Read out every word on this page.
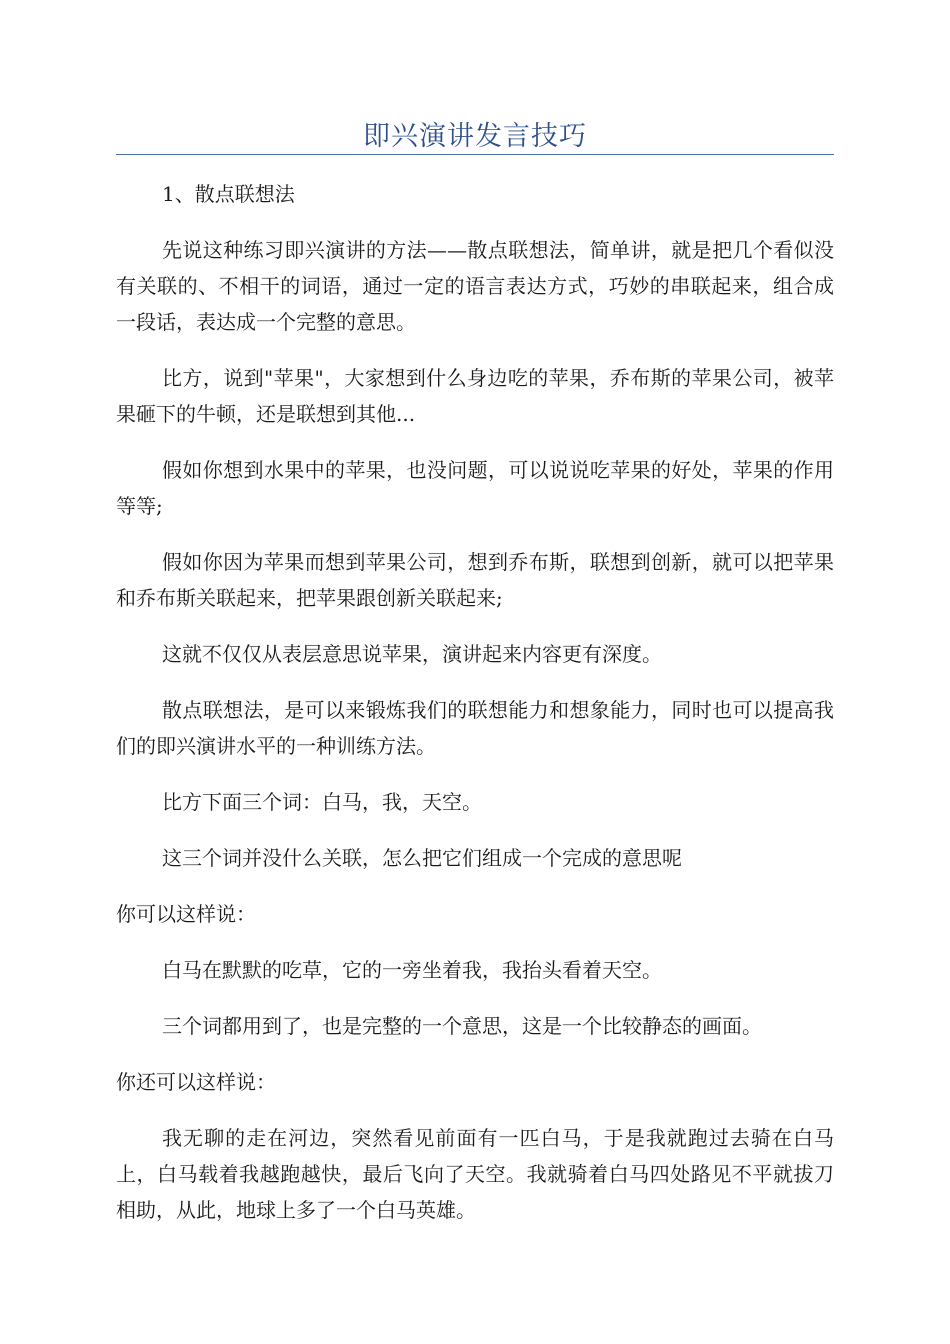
即兴演讲发言技巧

1、散点联想法

先说这种练习即兴演讲的方法——散点联想法，简单讲，就是把几个看似没有关联的、不相干的词语，通过一定的语言表达方式，巧妙的串联起来，组合成一段话，表达成一个完整的意思。

比方，说到"苹果"，大家想到什么身边吃的苹果，乔布斯的苹果公司，被苹果砸下的牛顿，还是联想到其他...

假如你想到水果中的苹果，也没问题，可以说说吃苹果的好处，苹果的作用等等;

假如你因为苹果而想到苹果公司，想到乔布斯，联想到创新，就可以把苹果和乔布斯关联起来，把苹果跟创新关联起来;

这就不仅仅从表层意思说苹果，演讲起来内容更有深度。

散点联想法，是可以来锻炼我们的联想能力和想象能力，同时也可以提高我们的即兴演讲水平的一种训练方法。

比方下面三个词：白马，我，天空。

这三个词并没什么关联，怎么把它们组成一个完成的意思呢

你可以这样说：

白马在默默的吃草，它的一旁坐着我，我抬头看着天空。

三个词都用到了，也是完整的一个意思，这是一个比较静态的画面。

你还可以这样说：

我无聊的走在河边，突然看见前面有一匹白马，于是我就跑过去骑在白马上，白马载着我越跑越快，最后飞向了天空。我就骑着白马四处路见不平就拔刀相助，从此，地球上多了一个白马英雄。
